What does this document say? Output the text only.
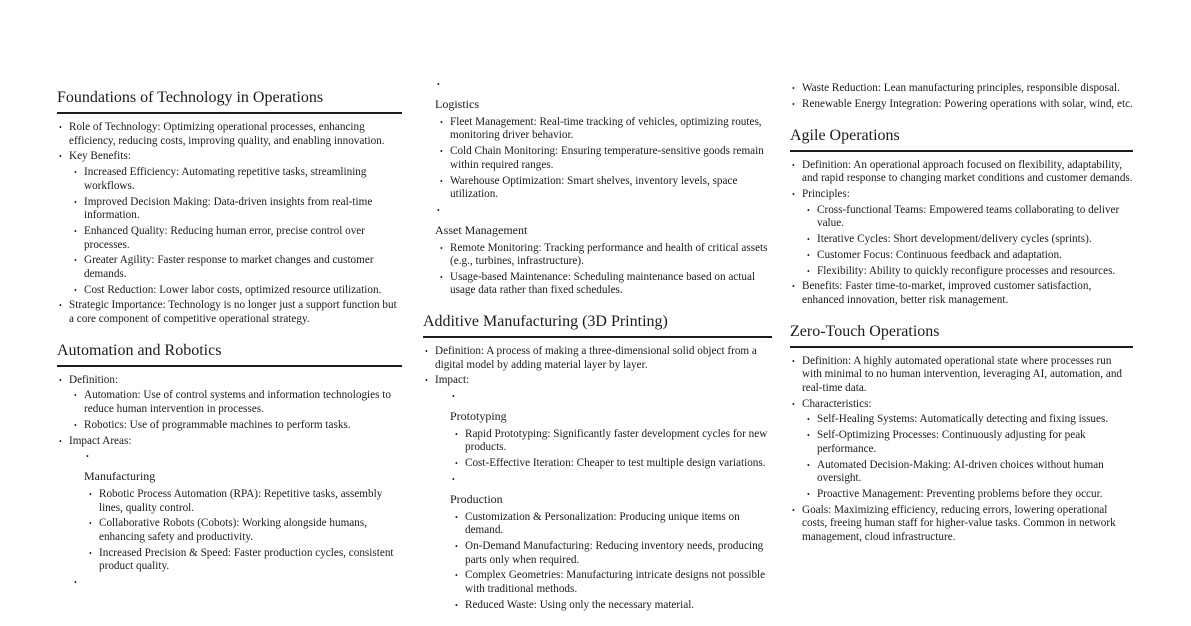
Foundations of Technology in Operations
• Role of Technology: Optimizing operational processes, enhancing efficiency, reducing costs, improving quality, and enabling innovation.
• Key Benefits:
• Increased Efficiency: Automating repetitive tasks, streamlining workflows.
• Improved Decision Making: Data-driven insights from real-time information.
• Enhanced Quality: Reducing human error, precise control over processes.
• Greater Agility: Faster response to market changes and customer demands.
• Cost Reduction: Lower labor costs, optimized resource utilization.
• Strategic Importance: Technology is no longer just a support function but a core component of competitive operational strategy.
Automation and Robotics
• Definition:
• Automation: Use of control systems and information technologies to reduce human intervention in processes.
• Robotics: Use of programmable machines to perform tasks.
• Impact Areas:
•
Manufacturing
• Robotic Process Automation (RPA): Repetitive tasks, assembly lines, quality control.
• Collaborative Robots (Cobots): Working alongside humans, enhancing safety and productivity.
• Increased Precision & Speed: Faster production cycles, consistent product quality.
•
•
Logistics
• Fleet Management: Real-time tracking of vehicles, optimizing routes, monitoring driver behavior.
• Cold Chain Monitoring: Ensuring temperature-sensitive goods remain within required ranges.
• Warehouse Optimization: Smart shelves, inventory levels, space utilization.
•
Asset Management
• Remote Monitoring: Tracking performance and health of critical assets (e.g., turbines, infrastructure).
• Usage-based Maintenance: Scheduling maintenance based on actual usage data rather than fixed schedules.
Additive Manufacturing (3D Printing)
• Definition: A process of making a three-dimensional solid object from a digital model by adding material layer by layer.
• Impact:
•
Prototyping
• Rapid Prototyping: Significantly faster development cycles for new products.
• Cost-Effective Iteration: Cheaper to test multiple design variations.
•
Production
• Customization & Personalization: Producing unique items on demand.
• On-Demand Manufacturing: Reducing inventory needs, producing parts only when required.
• Complex Geometries: Manufacturing intricate designs not possible with traditional methods.
• Reduced Waste: Using only the necessary material.
• Waste Reduction: Lean manufacturing principles, responsible disposal.
• Renewable Energy Integration: Powering operations with solar, wind, etc.
Agile Operations
• Definition: An operational approach focused on flexibility, adaptability, and rapid response to changing market conditions and customer demands.
• Principles:
• Cross-functional Teams: Empowered teams collaborating to deliver value.
• Iterative Cycles: Short development/delivery cycles (sprints).
• Customer Focus: Continuous feedback and adaptation.
• Flexibility: Ability to quickly reconfigure processes and resources.
• Benefits: Faster time-to-market, improved customer satisfaction, enhanced innovation, better risk management.
Zero-Touch Operations
• Definition: A highly automated operational state where processes run with minimal to no human intervention, leveraging AI, automation, and real-time data.
• Characteristics:
• Self-Healing Systems: Automatically detecting and fixing issues.
• Self-Optimizing Processes: Continuously adjusting for peak performance.
• Automated Decision-Making: AI-driven choices without human oversight.
• Proactive Management: Preventing problems before they occur.
• Goals: Maximizing efficiency, reducing errors, lowering operational costs, freeing human staff for higher-value tasks. Common in network management, cloud infrastructure.
